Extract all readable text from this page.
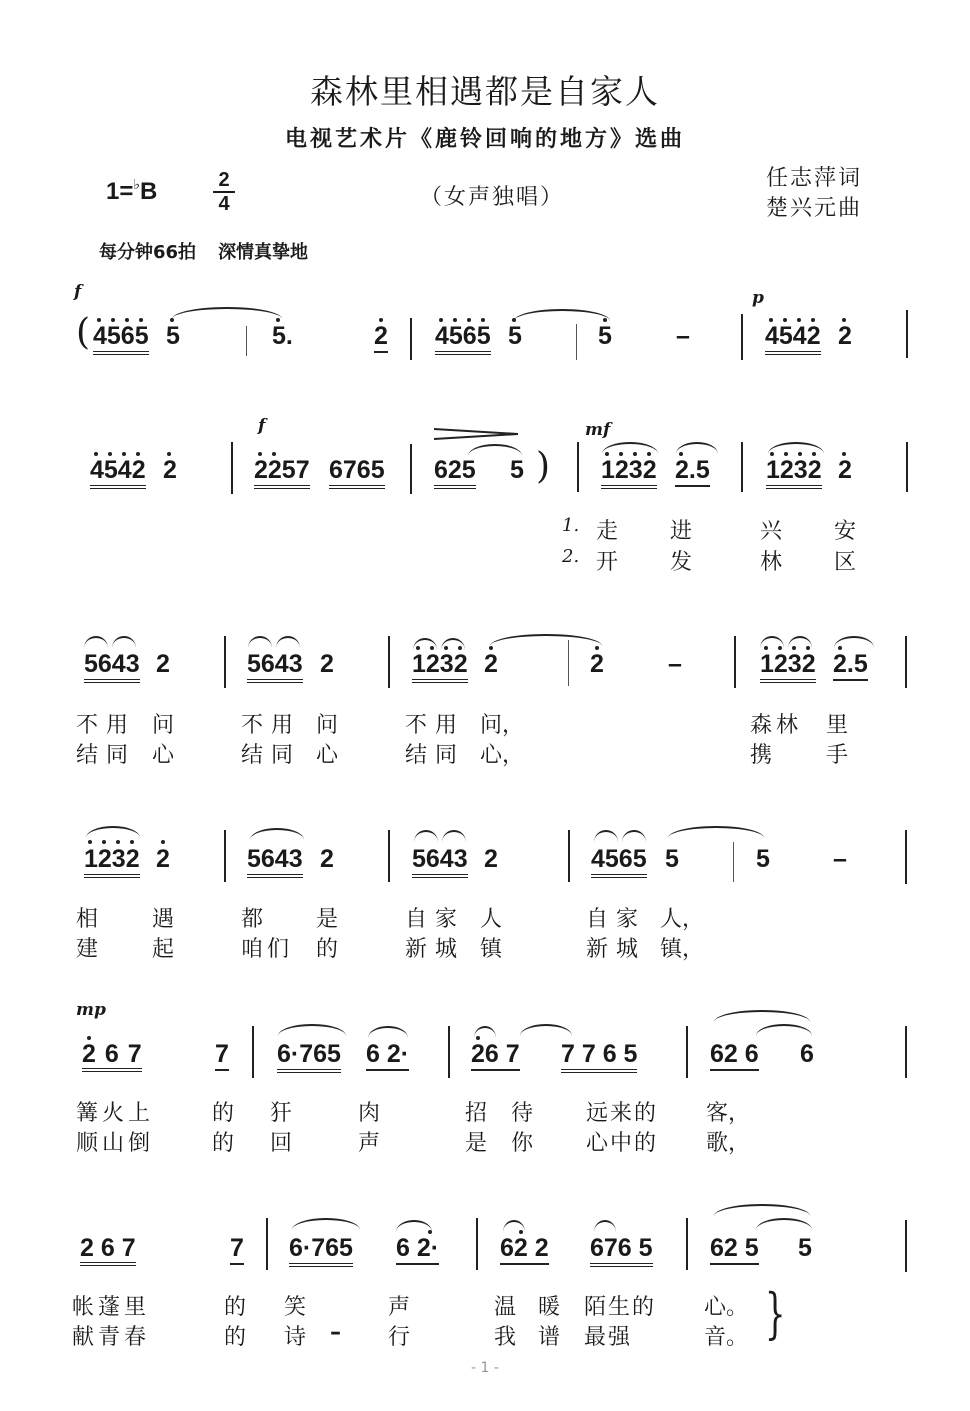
森林里相遇都是自家人
电视艺术片《鹿铃回响的地方》选曲
1=♭B	2
4	（女声独唱）
任志萍词
楚兴元曲
每分钟66拍 深情真挚地
f	p
( 4565 5	5.	2 4565 5	5	–	4542 2
f	mf
4542 2	2257 6765 625 5 ) 1232 2.5 1232 2
1. 走 进	兴 安
2. 开 发	林 区
5643 2	5643 2	1232 2	2	–	1232 2.5
不用 问	不用 问	不用 问，	森林 里
结同 心	结同 心	结同 心，	携 手
1232 2	5643 2	5643 2	4565 5	5	–
相 遇	都 是	自家 人	自家 人，
建 起	咱们 的	新城 镇	新城 镇，
mp
2 6 7	7 6·765 6 2· 26 7 7 7 6 5	62 6 6
篝火上	的 犴	肉	招 待 远来的 客，
顺山倒	的 回	声	是 你 心中的 歌，
2 6 7	7 6·765 6 2· 62 2 676 5 62 5 5
帐蓬里	的 笑	声	温 暖 陌生的 心。
献青春	的 诗 – 行	我 谱 最强	音。 }
- 1 -
